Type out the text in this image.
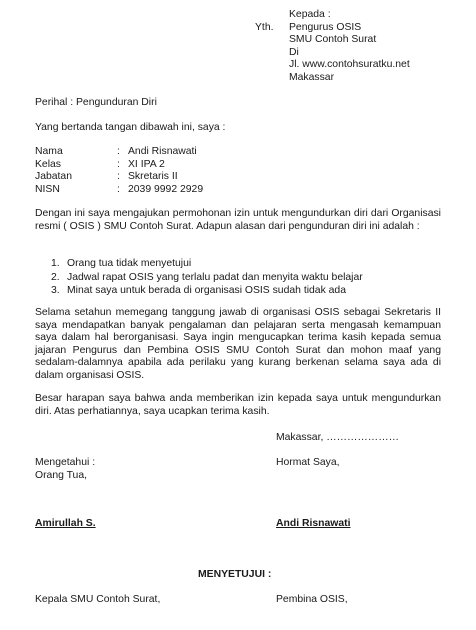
Kepada :
Pengurus OSIS
SMU Contoh Surat
Di
Jl. www.contohsuratku.net
Makassar
Yth.
Perihal : Pengunduran Diri
Yang bertanda tangan dibawah ini, saya :
Nama	: Andi Risnawati
Kelas	: XI IPA 2
Jabatan	: Skretaris II
NISN	: 2039 9992 2929
Dengan ini saya mengajukan permohonan izin untuk mengundurkan diri dari Organisasi resmi ( OSIS ) SMU Contoh Surat. Adapun alasan dari pengunduran diri ini adalah :
1. Orang tua tidak menyetujui
2. Jadwal rapat OSIS yang terlalu padat dan menyita waktu belajar
3. Minat saya untuk berada di organisasi OSIS sudah tidak ada
Selama setahun memegang tanggung jawab di organisasi OSIS sebagai Sekretaris II saya mendapatkan banyak pengalaman dan pelajaran serta mengasah kemampuan saya dalam hal berorganisasi. Saya ingin mengucapkan terima kasih kepada semua jajaran Pengurus dan Pembina OSIS SMU Contoh Surat dan mohon maaf yang sedalam-dalamnya apabila ada perilaku yang kurang berkenan selama saya ada di dalam organisasi OSIS.
Besar harapan saya bahwa anda memberikan izin kepada saya untuk mengundurkan diri. Atas perhatiannya, saya ucapkan terima kasih.
Makassar, …………………
Mengetahui :
Orang Tua,
Hormat Saya,
Amirullah S.	Andi Risnawati
MENYETUJUI :
Kepala SMU Contoh Surat,	Pembina OSIS,
